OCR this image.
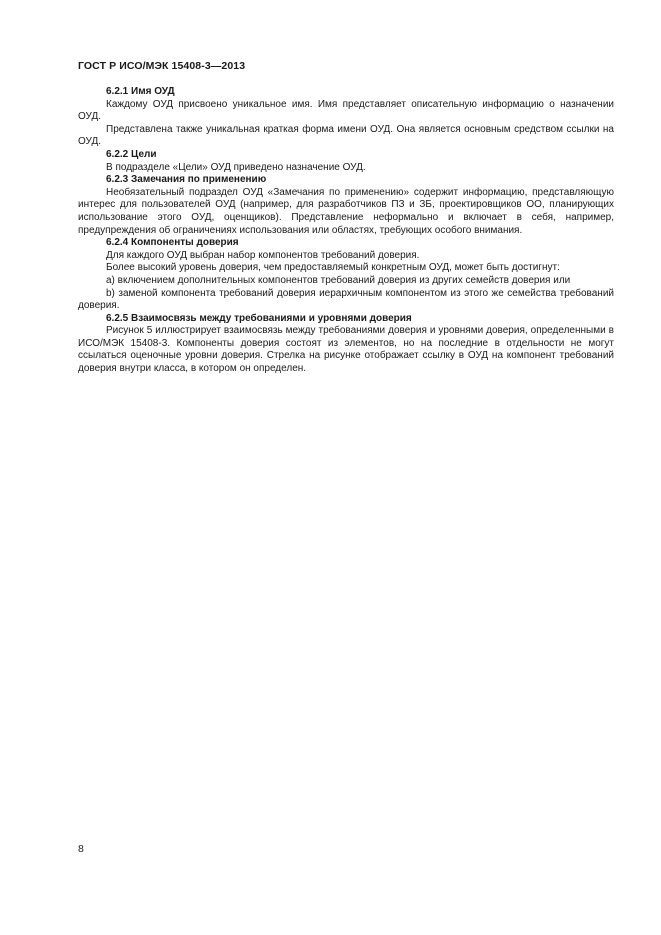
ГОСТ Р ИСО/МЭК 15408-3—2013

6.2.1 Имя ОУД

Каждому ОУД присвоено уникальное имя. Имя представляет описательную информацию о назначении ОУД.

Представлена также уникальная краткая форма имени ОУД. Она является основным средством ссылки на ОУД.

6.2.2 Цели

В подразделе «Цели» ОУД приведено назначение ОУД.

6.2.3 Замечания по применению

Необязательный подраздел ОУД «Замечания по применению» содержит информацию, представляющую интерес для пользователей ОУД (например, для разработчиков ПЗ и ЗБ, проектировщиков ОО, планирующих использование этого ОУД, оценщиков). Представление неформально и включает в себя, например, предупреждения об ограничениях использования или областях, требующих особого внимания.

6.2.4 Компоненты доверия

Для каждого ОУД выбран набор компонентов требований доверия.

Более высокий уровень доверия, чем предоставляемый конкретным ОУД, может быть достигнут:

a) включением дополнительных компонентов требований доверия из других семейств доверия или

b) заменой компонента требований доверия иерархичным компонентом из этого же семейства требований доверия.

6.2.5 Взаимосвязь между требованиями и уровнями доверия

Рисунок 5 иллюстрирует взаимосвязь между требованиями доверия и уровнями доверия, определенными в ИСО/МЭК 15408-3. Компоненты доверия состоят из элементов, но на последние в отдельности не могут ссылаться оценочные уровни доверия. Стрелка на рисунке отображает ссылку в ОУД на компонент требований доверия внутри класса, в котором он определен.

8
